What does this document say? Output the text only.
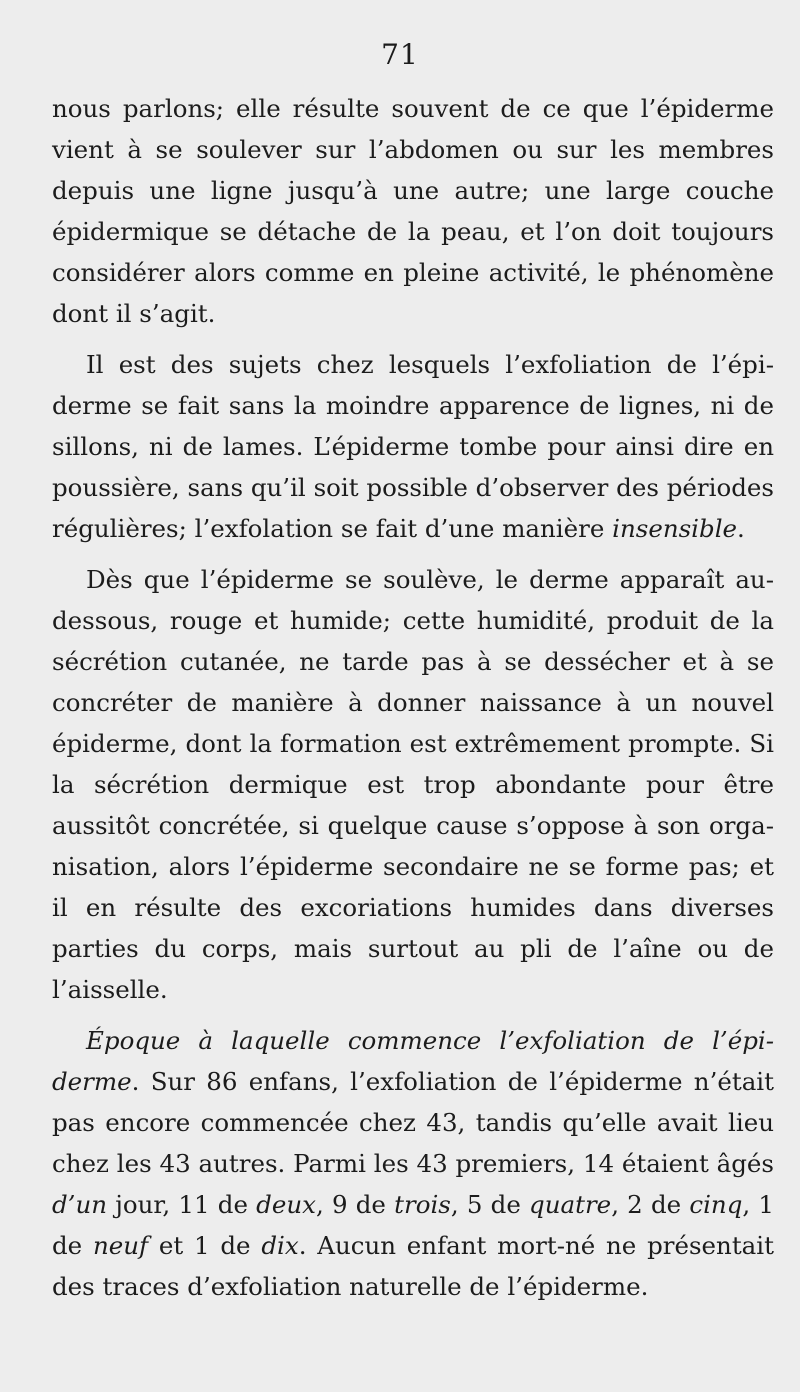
71

nous parlons; elle résulte souvent de ce que l’épiderme vient à se soulever sur l’abdomen ou sur les membres depuis une ligne jusqu’à une autre; une large couche épidermique se détache de la peau, et l’on doit toujours considérer alors comme en pleine activité, le phénomène dont il s’agit.

Il est des sujets chez lesquels l’exfoliation de l’épiderme se fait sans la moindre apparence de lignes, ni de sillons, ni de lames. L’épiderme tombe pour ainsi dire en poussière, sans qu’il soit possible d’observer des périodes régulières; l’exfolation se fait d’une manière insensible.

Dès que l’épiderme se soulève, le derme apparaît audessous, rouge et humide; cette humidité, produit de la sécrétion cutanée, ne tarde pas à se dessécher et à se concréter de manière à donner naissance à un nouvel épiderme, dont la formation est extrêmement prompte. Si la sécrétion dermique est trop abondante pour être aussitôt concrétée, si quelque cause s’oppose à son organisation, alors l’épiderme secondaire ne se forme pas; et il en résulte des excoriations humides dans diverses parties du corps, mais surtout au pli de l’aîne ou de l’aisselle.

Époque à laquelle commence l’exfoliation de l’épiderme. Sur 86 enfans, l’exfoliation de l’épiderme n’était pas encore commencée chez 43, tandis qu’elle avait lieu chez les 43 autres. Parmi les 43 premiers, 14 étaient âgés d’un jour, 11 de deux, 9 de trois, 5 de quatre, 2 de cinq, 1 de neuf et 1 de dix. Aucun enfant mort-né ne présentait des traces d’exfoliation naturelle de l’épiderme.
